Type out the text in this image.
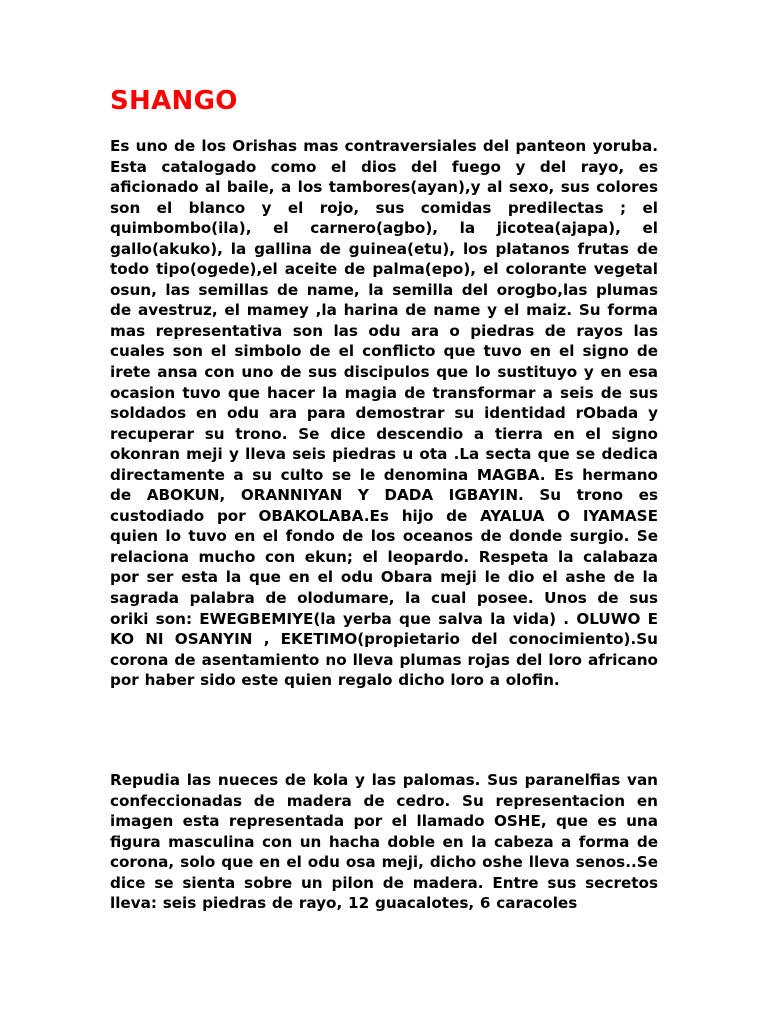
SHANGO

Es uno de los Orishas mas contraversiales del panteon yoruba. Esta catalogado como el dios del fuego y del rayo, es aficionado al baile, a los tambores(ayan),y al sexo, sus colores son el blanco y el rojo, sus comidas predilectas ; el quimbombo(ila), el carnero(agbo), la jicotea(ajapa), el gallo(akuko), la gallina de guinea(etu), los platanos frutas de todo tipo(ogede),el aceite de palma(epo), el colorante vegetal osun, las semillas de name, la semilla del orogbo,las plumas de avestruz, el mamey ,la harina de name y el maiz. Su forma mas representativa son las odu ara o piedras de rayos las cuales son el simbolo de el conflicto que tuvo en el signo de irete ansa con uno de sus discipulos que lo sustituyo y en esa ocasion tuvo que hacer la magia de transformar a seis de sus soldados en odu ara para demostrar su identidad rObada y recuperar su trono. Se dice descendio a tierra en el signo okonran meji y lleva seis piedras u ota .La secta que se dedica directamente a su culto se le denomina MAGBA. Es hermano de ABOKUN, ORANNIYAN Y DADA IGBAYIN. Su trono es custodiado por OBAKOLABA.Es hijo de AYALUA O IYAMASE quien lo tuvo en el fondo de los oceanos de donde surgio. Se relaciona mucho con ekun; el leopardo. Respeta la calabaza por ser esta la que en el odu Obara meji le dio el ashe de la sagrada palabra de olodumare, la cual posee. Unos de sus oriki son: EWEGBEMIYE(la yerba que salva la vida) . OLUWO E KO NI OSANYIN , EKETIMO(propietario del conocimiento).Su corona de asentamiento no lleva plumas rojas del loro africano por haber sido este quien regalo dicho loro a olofin.

Repudia las nueces de kola y las palomas. Sus paranelfias van confeccionadas de madera de cedro. Su representacion en imagen esta representada por el llamado OSHE, que es una figura masculina con un hacha doble en la cabeza a forma de corona, solo que en el odu osa meji, dicho oshe lleva senos..Se dice se sienta sobre un pilon de madera. Entre sus secretos lleva: seis piedras de rayo, 12 guacalotes, 6 caracoles
